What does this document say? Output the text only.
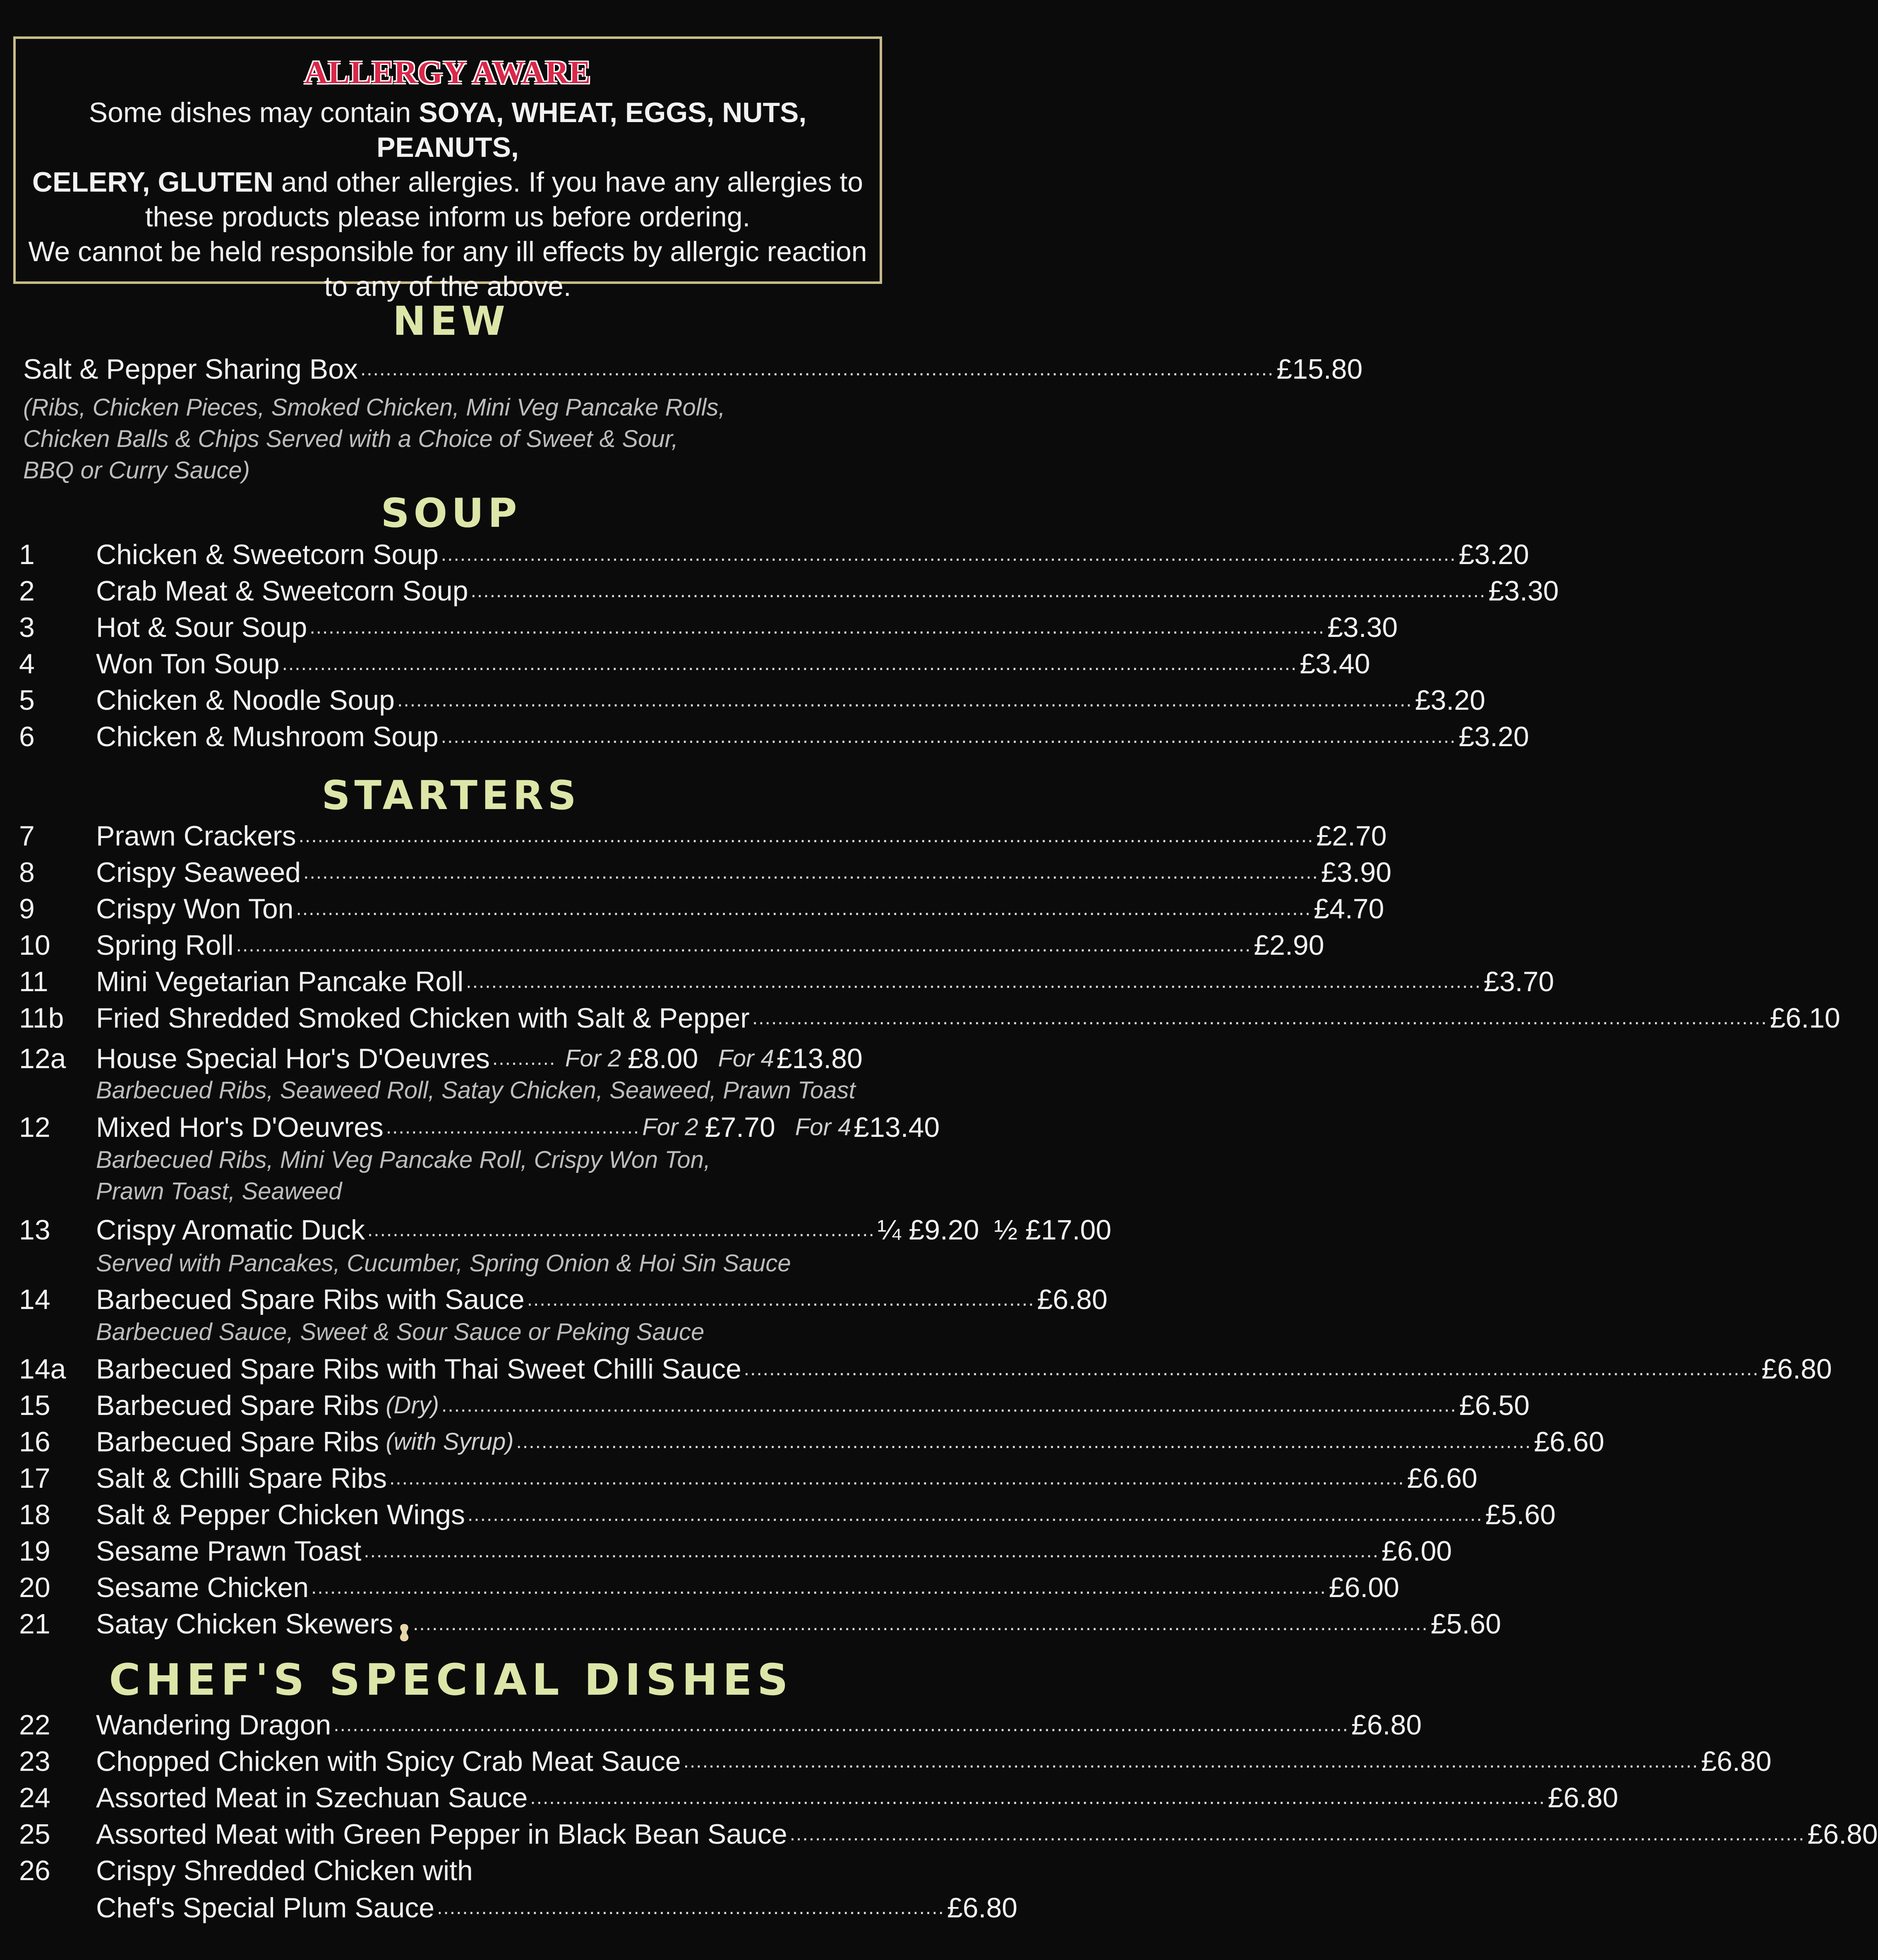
ALLERGY AWARE
Some dishes may contain SOYA, WHEAT, EGGS, NUTS, PEANUTS,
CELERY, GLUTEN and other allergies. If you have any allergies to
these products please inform us before ordering.
We cannot be held responsible for any ill effects by allergic reaction
to any of the above.
NEW
Salt & Pepper Sharing Box ................................................................................................................................................ £15.80
(Ribs, Chicken Pieces, Smoked Chicken, Mini Veg Pancake Rolls,
Chicken Balls & Chips Served with a Choice of Sweet & Sour,
BBQ or Curry Sauce)
SOUP
1 Chicken & Sweetcorn Soup ................................................................................................................................................................ £3.20
2 Crab Meat & Sweetcorn Soup ................................................................................................................................................................ £3.30
3 Hot & Sour Soup ................................................................................................................................................................ £3.30
4 Won Ton Soup ................................................................................................................................................................ £3.40
5 Chicken & Noodle Soup ................................................................................................................................................................ £3.20
6 Chicken & Mushroom Soup ................................................................................................................................................................ £3.20
STARTERS
7 Prawn Crackers ................................................................................................................................................................ £2.70
8 Crispy Seaweed ................................................................................................................................................................ £3.90
9 Crispy Won Ton ................................................................................................................................................................ £4.70
10 Spring Roll ................................................................................................................................................................ £2.90
11 Mini Vegetarian Pancake Roll ................................................................................................................................................................ £3.70
11b Fried Shredded Smoked Chicken with Salt & Pepper ................................................................................................................................................................ £6.10
12a House Special Hor's D'Oeuvres .......... For 2 £8.00 For 4 £13.80
Barbecued Ribs, Seaweed Roll, Satay Chicken, Seaweed, Prawn Toast
12 Mixed Hor's D'Oeuvres ........................................ For 2 £7.70 For 4 £13.40
Barbecued Ribs, Mini Veg Pancake Roll, Crispy Won Ton,
Prawn Toast, Seaweed
13 Crispy Aromatic Duck ................................................................................ ¼ £9.20 ½ £17.00
Served with Pancakes, Cucumber, Spring Onion & Hoi Sin Sauce
14 Barbecued Spare Ribs with Sauce ................................................................................ £6.80
Barbecued Sauce, Sweet & Sour Sauce or Peking Sauce
14a Barbecued Spare Ribs with Thai Sweet Chilli Sauce ................................................................................................................................................................ £6.80
15 Barbecued Spare Ribs (Dry) ................................................................................................................................................................ £6.50
16 Barbecued Spare Ribs (with Syrup) ................................................................................................................................................................ £6.60
17 Salt & Chilli Spare Ribs ................................................................................................................................................................ £6.60
18 Salt & Pepper Chicken Wings ................................................................................................................................................................ £5.60
19 Sesame Prawn Toast ................................................................................................................................................................ £6.00
20 Sesame Chicken ................................................................................................................................................................ £6.00
21 Satay Chicken Skewers ................................................................................................................................................................ £5.60
CHEF'S SPECIAL DISHES
22 Wandering Dragon ................................................................................................................................................................ £6.80
23 Chopped Chicken with Spicy Crab Meat Sauce ................................................................................................................................................................ £6.80
24 Assorted Meat in Szechuan Sauce ................................................................................................................................................................ £6.80
25 Assorted Meat with Green Pepper in Black Bean Sauce ................................................................................................................................................................ £6.80
26 Crispy Shredded Chicken with
Chef's Special Plum Sauce ................................................................................ £6.80
